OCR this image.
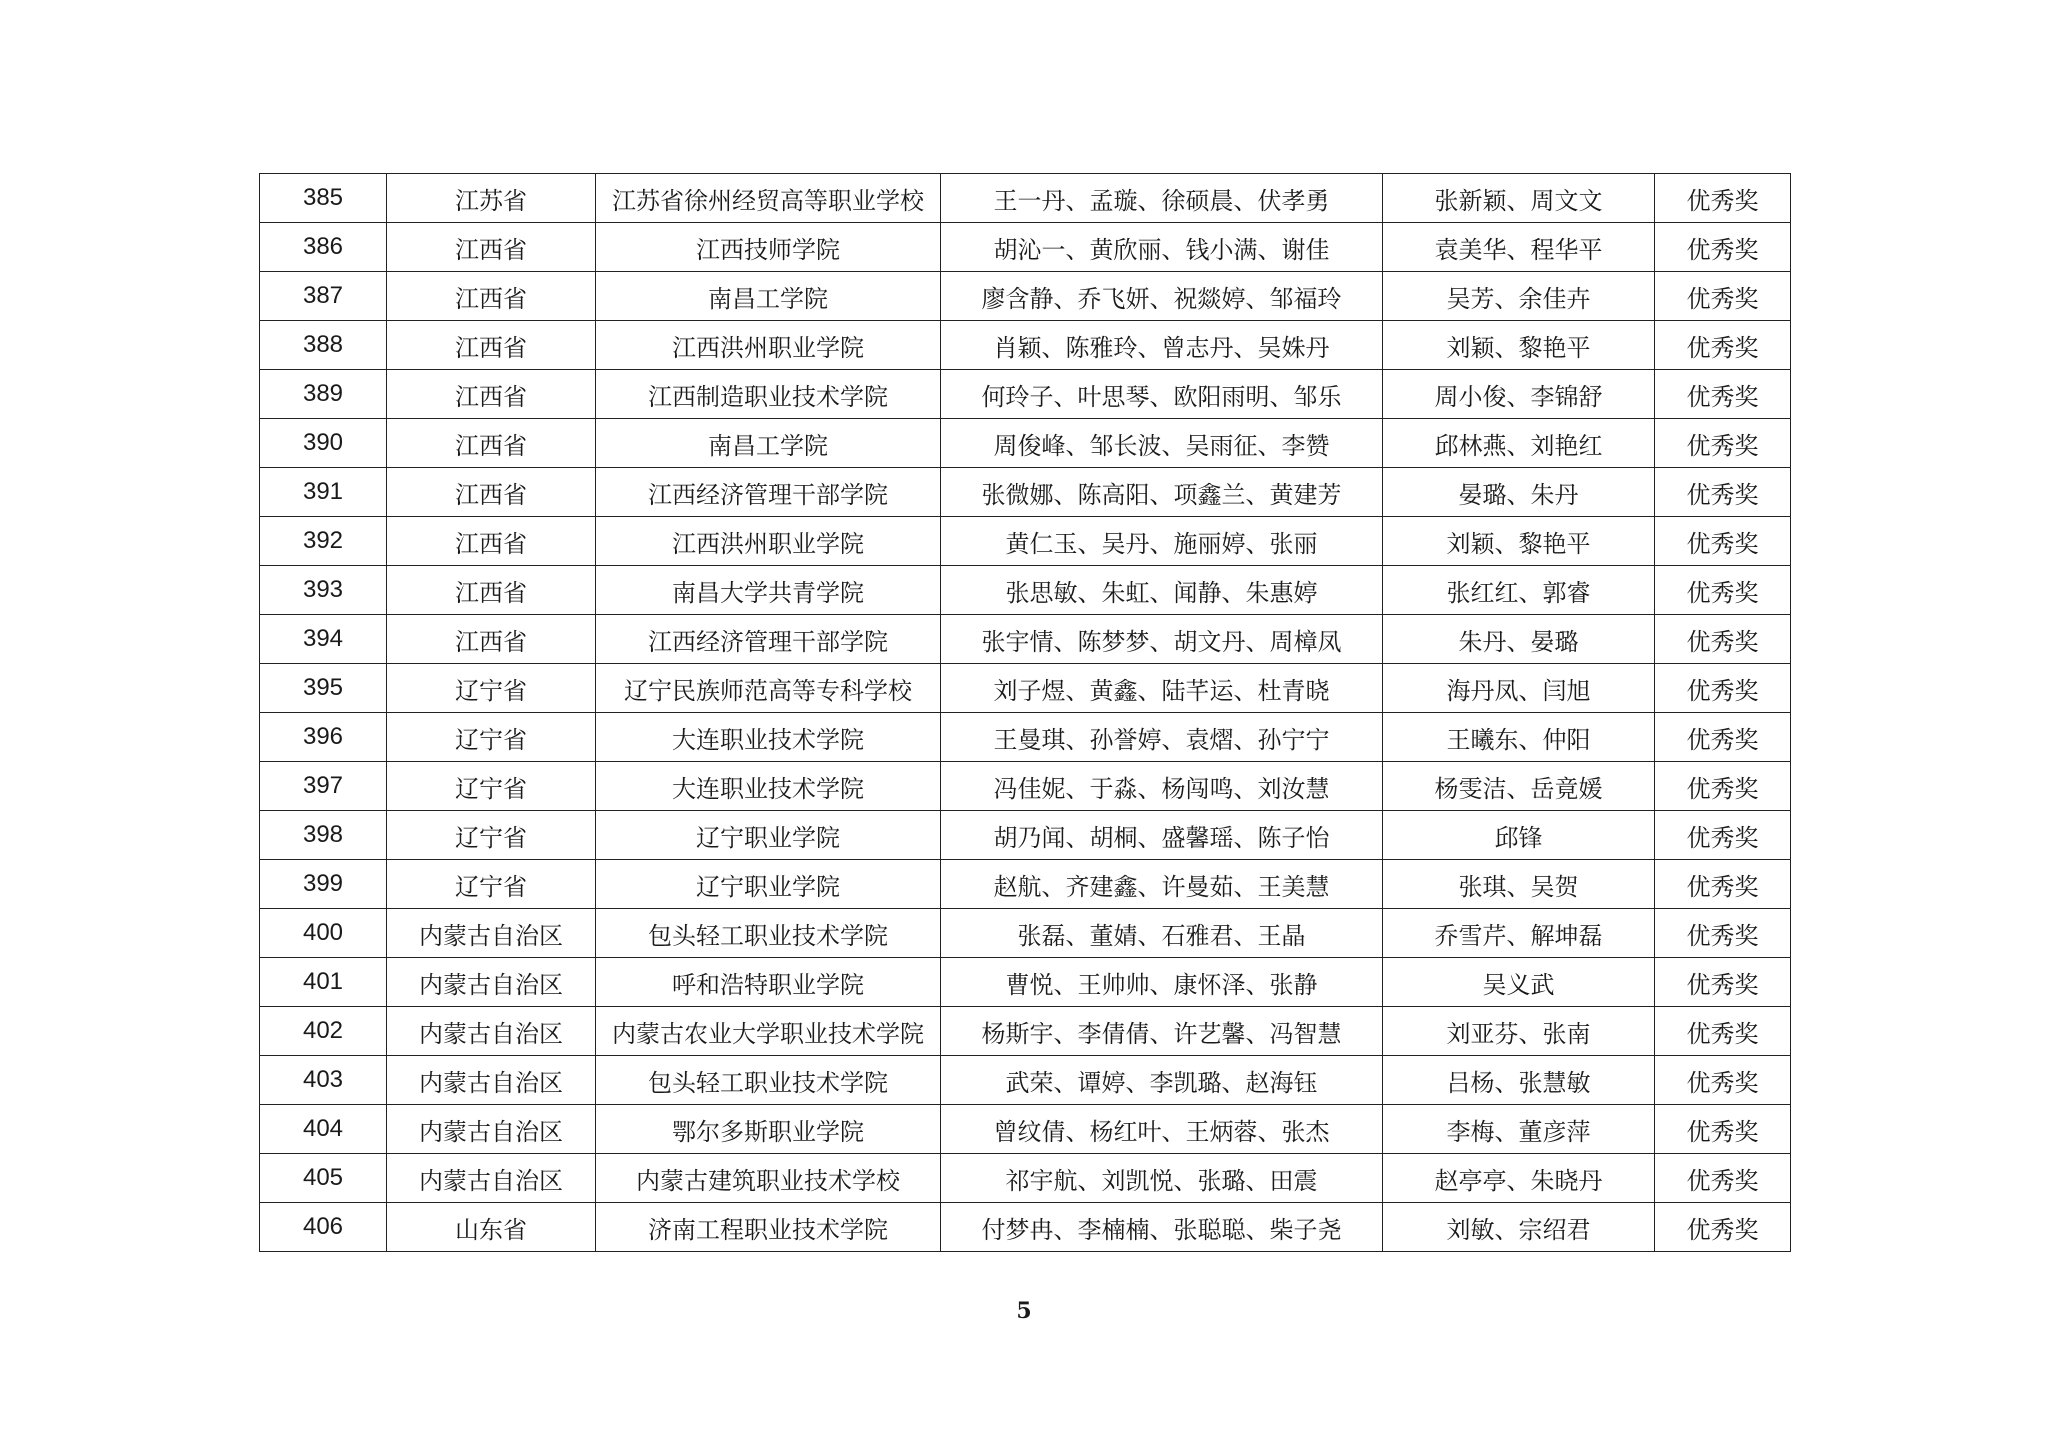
385	江苏省	江苏省徐州经贸高等职业学校	王一丹、孟璇、徐硕晨、伏孝勇	张新颖、周文文	优秀奖
386	江西省	江西技师学院	胡沁一、黄欣丽、钱小满、谢佳	袁美华、程华平	优秀奖
387	江西省	南昌工学院	廖含静、乔飞妍、祝燚婷、邹福玲	吴芳、余佳卉	优秀奖
388	江西省	江西洪州职业学院	肖颖、陈雅玲、曾志丹、吴姝丹	刘颖、黎艳平	优秀奖
389	江西省	江西制造职业技术学院	何玲子、叶思琴、欧阳雨明、邹乐	周小俊、李锦舒	优秀奖
390	江西省	南昌工学院	周俊峰、邹长波、吴雨征、李赞	邱林燕、刘艳红	优秀奖
391	江西省	江西经济管理干部学院	张微娜、陈高阳、项鑫兰、黄建芳	晏璐、朱丹	优秀奖
392	江西省	江西洪州职业学院	黄仁玉、吴丹、施丽婷、张丽	刘颖、黎艳平	优秀奖
393	江西省	南昌大学共青学院	张思敏、朱虹、闻静、朱惠婷	张红红、郭睿	优秀奖
394	江西省	江西经济管理干部学院	张宇情、陈梦梦、胡文丹、周樟凤	朱丹、晏璐	优秀奖
395	辽宁省	辽宁民族师范高等专科学校	刘子煜、黄鑫、陆芊运、杜青晓	海丹凤、闫旭	优秀奖
396	辽宁省	大连职业技术学院	王曼琪、孙誉婷、袁熠、孙宁宁	王曦东、仲阳	优秀奖
397	辽宁省	大连职业技术学院	冯佳妮、于淼、杨闯鸣、刘汝慧	杨雯洁、岳竟媛	优秀奖
398	辽宁省	辽宁职业学院	胡乃闻、胡桐、盛馨瑶、陈子怡	邱锋	优秀奖
399	辽宁省	辽宁职业学院	赵航、齐建鑫、许曼茹、王美慧	张琪、吴贺	优秀奖
400	内蒙古自治区	包头轻工职业技术学院	张磊、董婧、石雅君、王晶	乔雪芹、解坤磊	优秀奖
401	内蒙古自治区	呼和浩特职业学院	曹悦、王帅帅、康怀泽、张静	吴义武	优秀奖
402	内蒙古自治区	内蒙古农业大学职业技术学院	杨斯宇、李倩倩、许艺馨、冯智慧	刘亚芬、张南	优秀奖
403	内蒙古自治区	包头轻工职业技术学院	武荣、谭婷、李凯璐、赵海钰	吕杨、张慧敏	优秀奖
404	内蒙古自治区	鄂尔多斯职业学院	曾纹倩、杨红叶、王炳蓉、张杰	李梅、董彦萍	优秀奖
405	内蒙古自治区	内蒙古建筑职业技术学校	祁宇航、刘凯悦、张璐、田震	赵亭亭、朱晓丹	优秀奖
406	山东省	济南工程职业技术学院	付梦冉、李楠楠、张聪聪、柴子尧	刘敏、宗绍君	优秀奖
5
